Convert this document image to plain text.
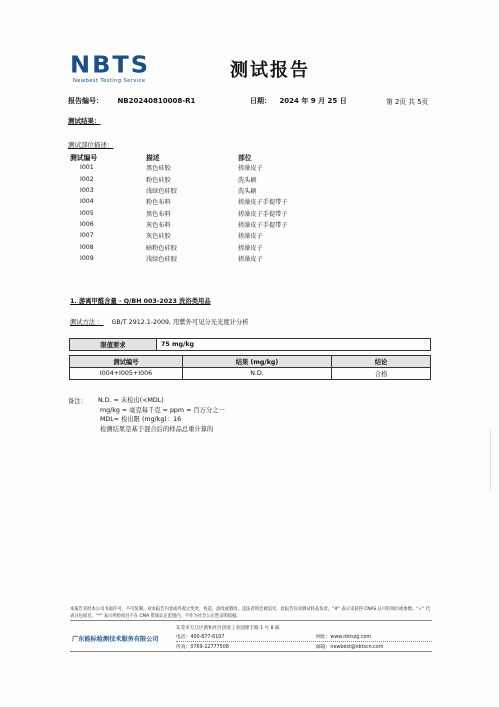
NBTS
Newbest Testing Service	测试报告
报告编号： NB20240810008-R1	日期： 2024 年 9 月 25 日	第 2页 共 5页
测试结果：
测试部位描述：
测试编号	描述	部位
I001	黑色硅胶	搓澡皮子
I002	粉色硅胶	洗头刷
I003	浅绿色硅胶	洗头刷
I004	粉色布料	搓澡皮子手提带子
I005	黑色布料	搓澡皮子手提带子
I006	灰色布料	搓澡皮子手提带子
I007	灰色硅胶	搓澡皮子
I008	暗粉色硅胶	搓澡皮子
I009	浅绿色硅胶	搓澡皮子
1. 游离甲醛含量 - Q/BH 003-2023 洗浴类用品
测试方法 ： GB/T 2912.1-2009, 用紫外可见分光光度计分析
限值要求	75 mg/kg		

测试编号		结果 (mg/kg)	结论
I004+I005+I006		N.D.	合格
备注： N.D. = 未检出(<MDL)
mg/kg = 毫克每千克 = ppm = 百万分之一
MDL= 检出限 (mg/kg)：16
检测结果是基于混合后的样品总重计算的
本报告未经本公司书面许可，不可复制。对本报告内容或外观之变更、伪造、涂改或篡改，违法者将会被追究。此报告仅对测试样品负责。“#” 表示未获得 CNAS 认可的项目或参数。“✓” 代表分包项目。“*” 表示所检项目不在 CMA 资质认定范围内，不作为社会公正性证明依据。
东莞市万江区新和社区创业工业园建丰路 1 号 8 栋
广东能标检测技术服务有限公司	电话：400-877-6107
传真：0769-22777508
网址：www.nbtszg.com
邮箱：newbest@nbtscn.com
